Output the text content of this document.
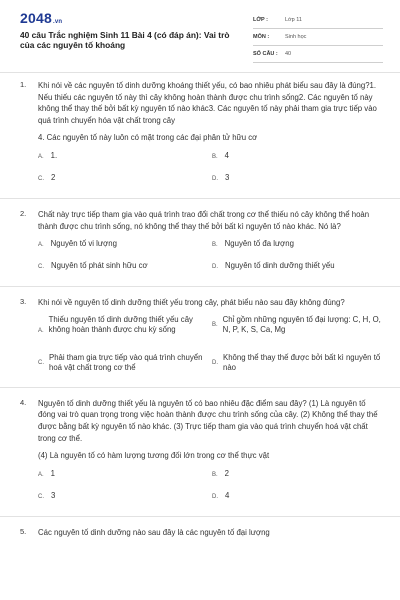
2048.vn
40 câu Trắc nghiệm Sinh 11 Bài 4 (có đáp án): Vai trò của các nguyên tố khoáng
LỚP :	Lớp 11
MÔN :	Sinh học
SỐ CÂU : 40
1. Khi nói về các nguyên tố dinh dưỡng khoáng thiết yếu, có bao nhiêu phát biểu sau đây là đúng?1. Nếu thiếu các nguyên tố này thì cây không hoàn thành được chu trình sống2. Các nguyên tố này không thể thay thế bởi bất kỳ nguyên tố nào khác3. Các nguyên tố này phải tham gia trực tiếp vào quá trình chuyển hóa vật chất trong cây
4. Các nguyên tố này luôn có mặt trong các đại phân tử hữu cơ
A. 1.	B. 4
C. 2	D. 3
2. Chất này trực tiếp tham gia vào quá trình trao đổi chất trong cơ thể thiếu nó cây không thể hoàn thành được chu trình sống, nó không thể thay thế bởi bất kì nguyên tố nào khác. Nó là?
A. Nguyên tố vi lượng	B. Nguyên tố đa lượng
C. Nguyên tố phát sinh hữu cơ	D. Nguyên tố dinh dưỡng thiết yếu
3. Khi nói về nguyên tố dinh dưỡng thiết yếu trong cây, phát biểu nào sau đây không đúng?
A.
Thiếu nguyên tố dinh dưỡng thiết yếu cây không hoàn thành được chu kỳ sống
B.
Chỉ gồm những nguyên tố đại lượng: C, H, O, N, P, K, S, Ca, Mg
C.
Phải tham gia trực tiếp vào quá trình chuyển hoá vật chất trong cơ thể
D.
Không thể thay thế được bởi bất kì nguyên tố nào
4. Nguyên tố dinh dưỡng thiết yếu là nguyên tố có bao nhiêu đặc điểm sau đây? (1) Là nguyên tố đóng vai trò quan trọng trong việc hoàn thành được chu trình sống của cây. (2) Không thể thay thế được bằng bất kỳ nguyên tố nào khác. (3) Trực tiếp tham gia vào quá trình chuyển hoá vật chất trong cơ thể.
(4) Là nguyên tố có hàm lượng tương đối lớn trong cơ thể thực vật
A. 1	B. 2
C. 3	D. 4
5. Các nguyên tố dinh dưỡng nào sau đây là các nguyên tố đại lượng
